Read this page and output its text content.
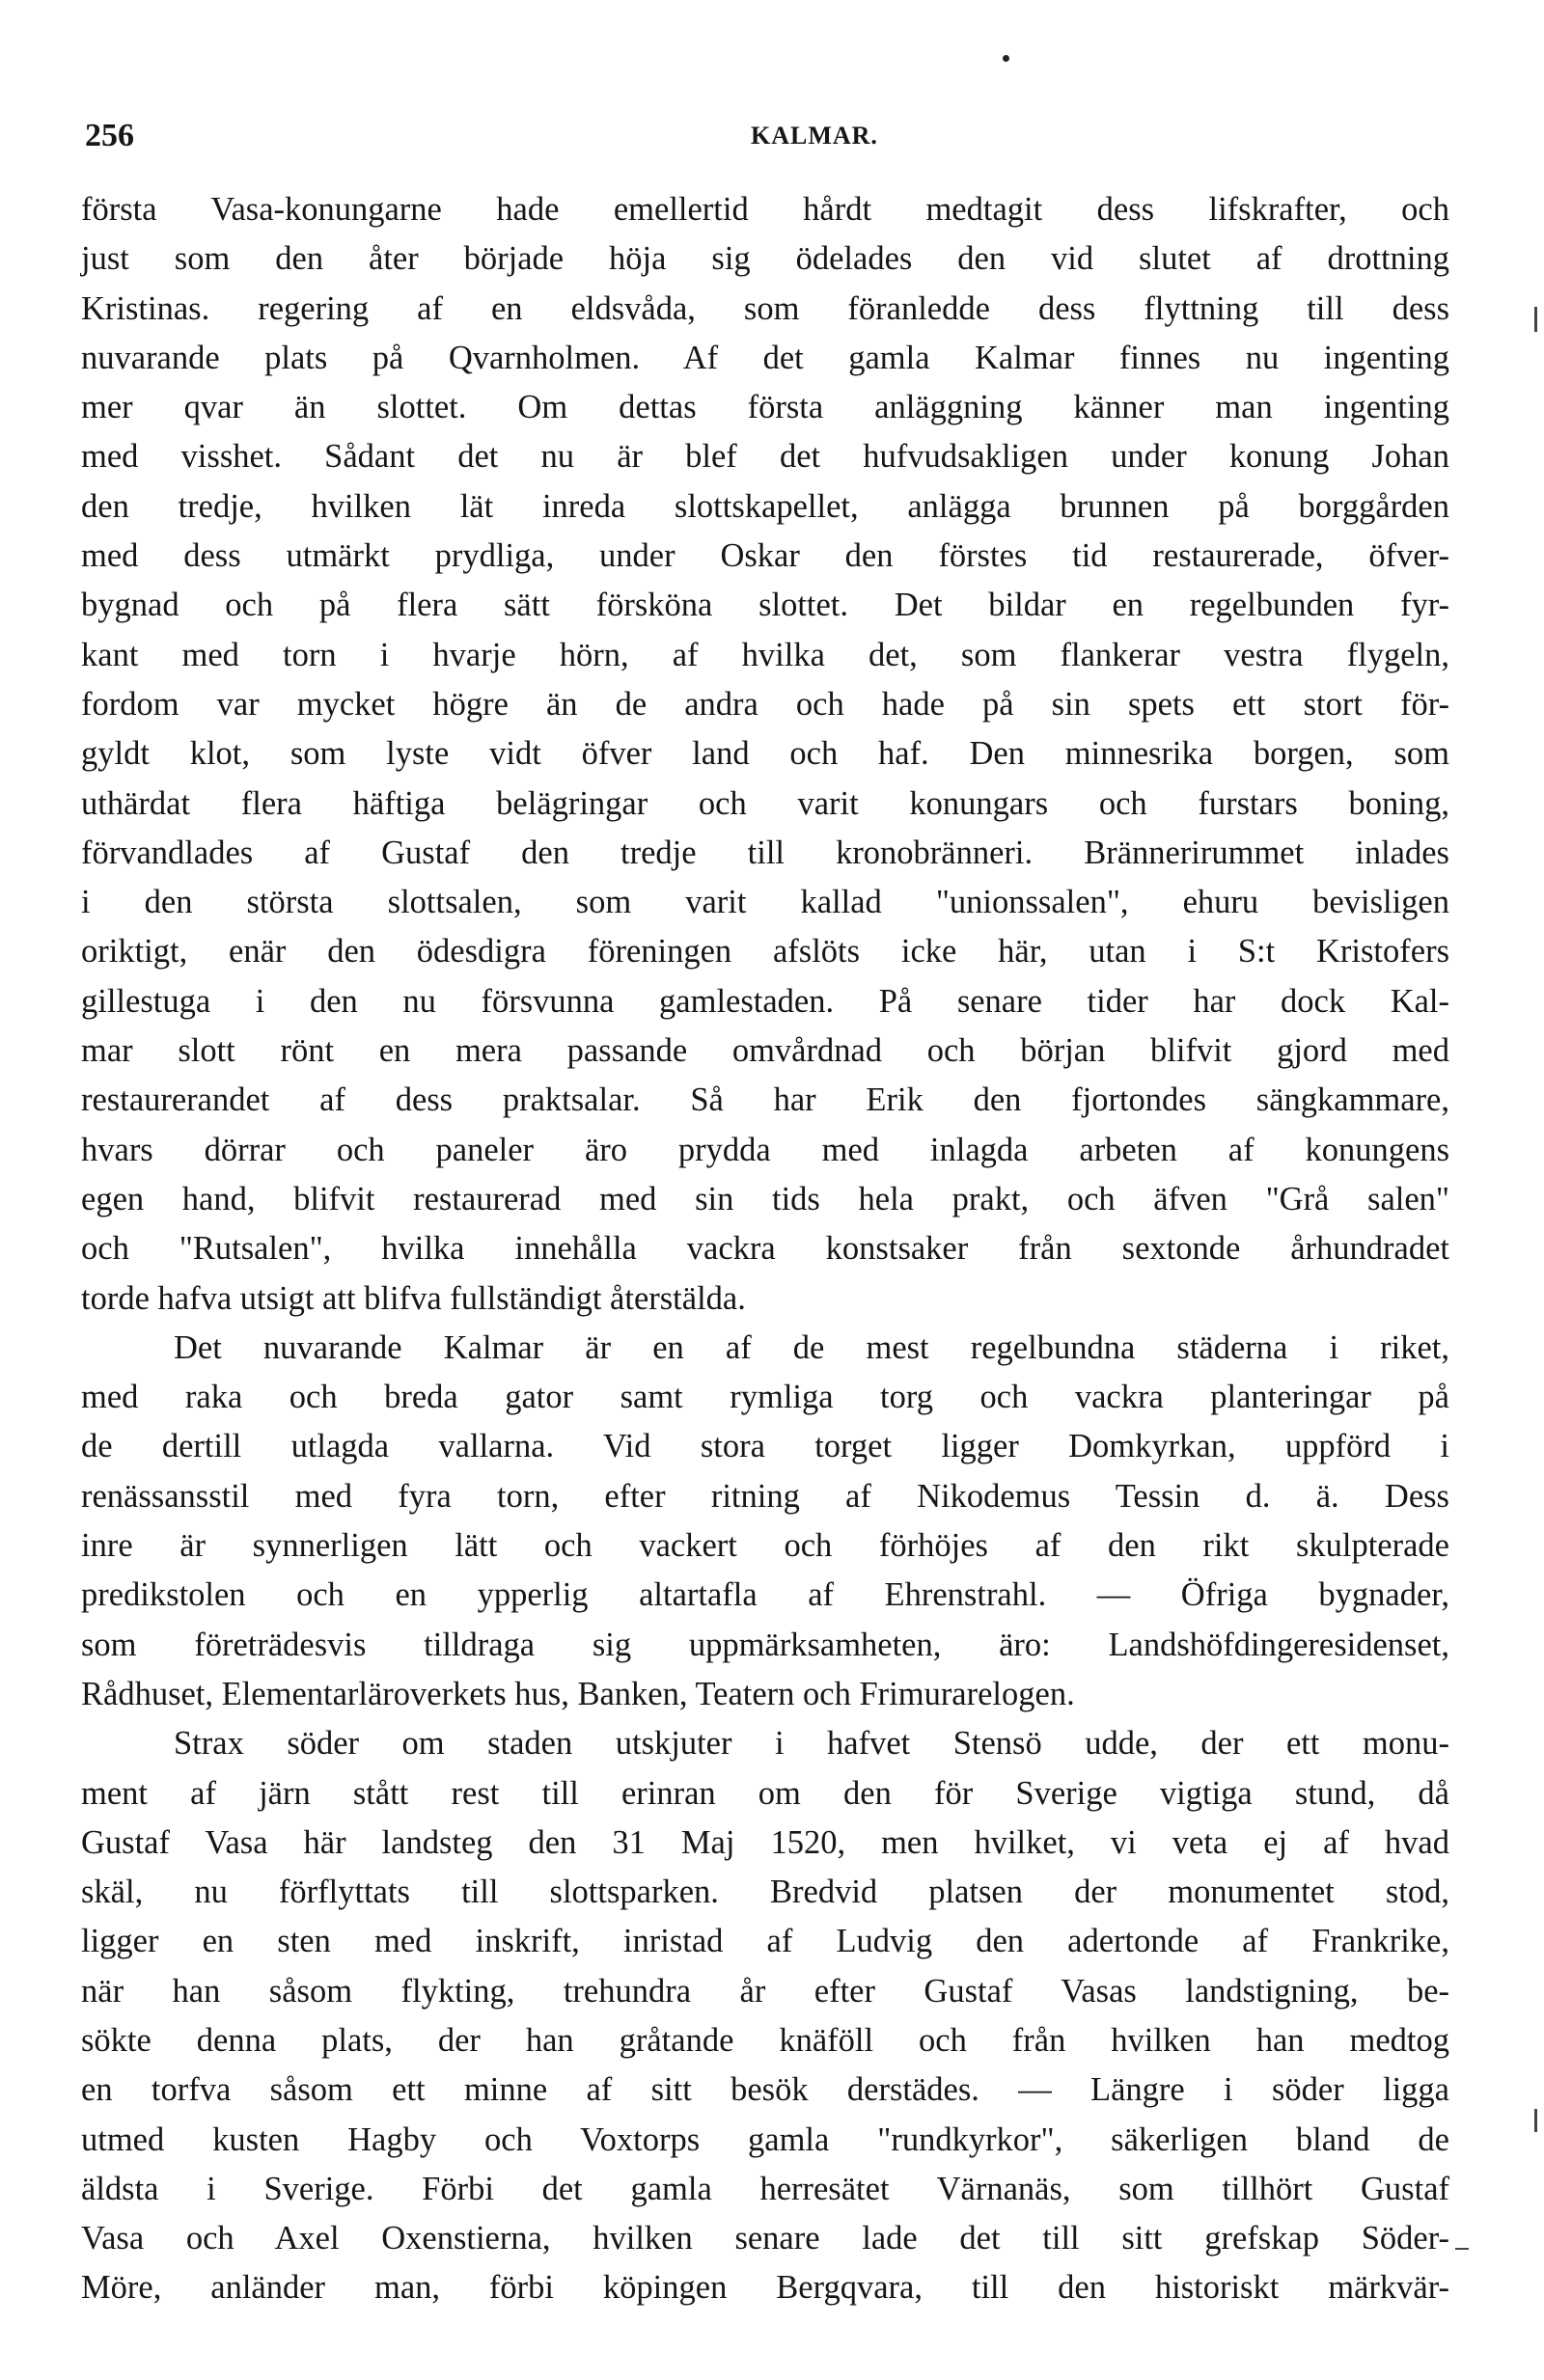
256	KALMAR.
första Vasa-konungarne hade emellertid hårdt medtagit dess lifskrafter, och
just som den åter började höja sig ödelades den vid slutet af drottning
Kristinas. regering af en eldsvåda, som föranledde dess flyttning till dess
nuvarande plats på Qvarnholmen. Af det gamla Kalmar finnes nu ingenting
mer qvar än slottet. Om dettas första anläggning känner man ingenting
med visshet. Sådant det nu är blef det hufvudsakligen under konung Johan
den tredje, hvilken lät inreda slottskapellet, anlägga brunnen på borggården
med dess utmärkt prydliga, under Oskar den förstes tid restaurerade, öfver-
bygnad och på flera sätt försköna slottet. Det bildar en regelbunden fyr-
kant med torn i hvarje hörn, af hvilka det, som flankerar vestra flygeln,
fordom var mycket högre än de andra och hade på sin spets ett stort för-
gyldt klot, som lyste vidt öfver land och haf. Den minnesrika borgen, som
uthärdat flera häftiga belägringar och varit konungars och furstars boning,
förvandlades af Gustaf den tredje till kronobränneri. Brännerirummet inlades
i den största slottsalen, som varit kallad "unionssalen", ehuru bevisligen
oriktigt, enär den ödesdigra föreningen afslöts icke här, utan i S:t Kristofers
gillestuga i den nu försvunna gamlestaden. På senare tider har dock Kal-
mar slott rönt en mera passande omvårdnad och början blifvit gjord med
restaurerandet af dess praktsalar. Så har Erik den fjortondes sängkammare,
hvars dörrar och paneler äro prydda med inlagda arbeten af konungens
egen hand, blifvit restaurerad med sin tids hela prakt, och äfven "Grå salen"
och "Rutsalen", hvilka innehålla vackra konstsaker från sextonde århundradet
torde hafva utsigt att blifva fullständigt återstälda.
Det nuvarande Kalmar är en af de mest regelbundna städerna i riket,
med raka och breda gator samt rymliga torg och vackra planteringar på
de dertill utlagda vallarna. Vid stora torget ligger Domkyrkan, uppförd i
renässansstil med fyra torn, efter ritning af Nikodemus Tessin d. ä. Dess
inre är synnerligen lätt och vackert och förhöjes af den rikt skulpterade
predikstolen och en ypperlig altartafla af Ehrenstrahl. — Öfriga bygnader,
som företrädesvis tilldraga sig uppmärksamheten, äro: Landshöfdingeresidenset,
Rådhuset, Elementarläroverkets hus, Banken, Teatern och Frimurarelogen.
Strax söder om staden utskjuter i hafvet Stensö udde, der ett monu-
ment af järn stått rest till erinran om den för Sverige vigtiga stund, då
Gustaf Vasa här landsteg den 31 Maj 1520, men hvilket, vi veta ej af hvad
skäl, nu förflyttats till slottsparken. Bredvid platsen der monumentet stod,
ligger en sten med inskrift, inristad af Ludvig den adertonde af Frankrike,
när han såsom flykting, trehundra år efter Gustaf Vasas landstigning, be-
sökte denna plats, der han gråtande knäföll och från hvilken han medtog
en torfva såsom ett minne af sitt besök derstädes. — Längre i söder ligga
utmed kusten Hagby och Voxtorps gamla "rundkyrkor", säkerligen bland de
äldsta i Sverige. Förbi det gamla herresätet Värnanäs, som tillhört Gustaf
Vasa och Axel Oxenstierna, hvilken senare lade det till sitt grefskap Söder-
Möre, anländer man, förbi köpingen Bergqvara, till den historiskt märkvär-
